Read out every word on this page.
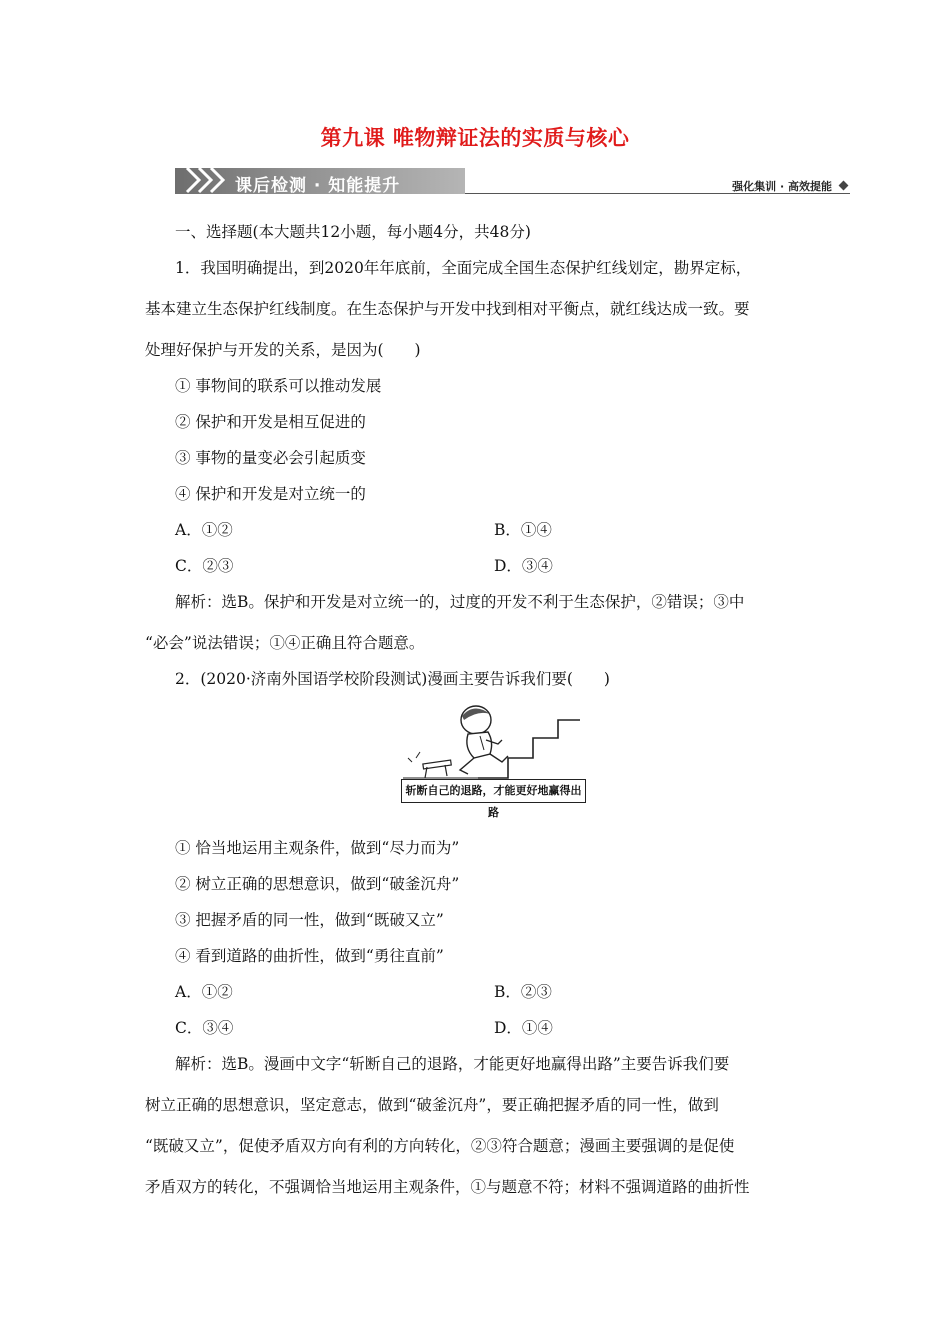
第九课 唯物辩证法的实质与核心
课后检测 · 知能提升	强化集训 · 高效提能
一、选择题(本大题共12小题，每小题4分，共48分)
1．我国明确提出，到2020年年底前，全面完成全国生态保护红线划定，勘界定标，
基本建立生态保护红线制度。在生态保护与开发中找到相对平衡点，就红线达成一致。要
处理好保护与开发的关系，是因为(　　)
① 事物间的联系可以推动发展
② 保护和开发是相互促进的
③ 事物的量变必会引起质变
④ 保护和开发是对立统一的
A．①②	B．①④
C．②③	D．③④
解析：选B。保护和开发是对立统一的，过度的开发不利于生态保护，②错误；③中
“必会”说法错误；①④正确且符合题意。
2．(2020·济南外国语学校阶段测试)漫画主要告诉我们要(　　)
斩断自己的退路，才能更好地赢得出路
① 恰当地运用主观条件，做到“尽力而为”
② 树立正确的思想意识，做到“破釜沉舟”
③ 把握矛盾的同一性，做到“既破又立”
④ 看到道路的曲折性，做到“勇往直前”
A．①②	B．②③
C．③④	D．①④
解析：选B。漫画中文字“斩断自己的退路，才能更好地赢得出路”主要告诉我们要
树立正确的思想意识，坚定意志，做到“破釜沉舟”，要正确把握矛盾的同一性，做到
“既破又立”，促使矛盾双方向有利的方向转化，②③符合题意；漫画主要强调的是促使
矛盾双方的转化，不强调恰当地运用主观条件，①与题意不符；材料不强调道路的曲折性
